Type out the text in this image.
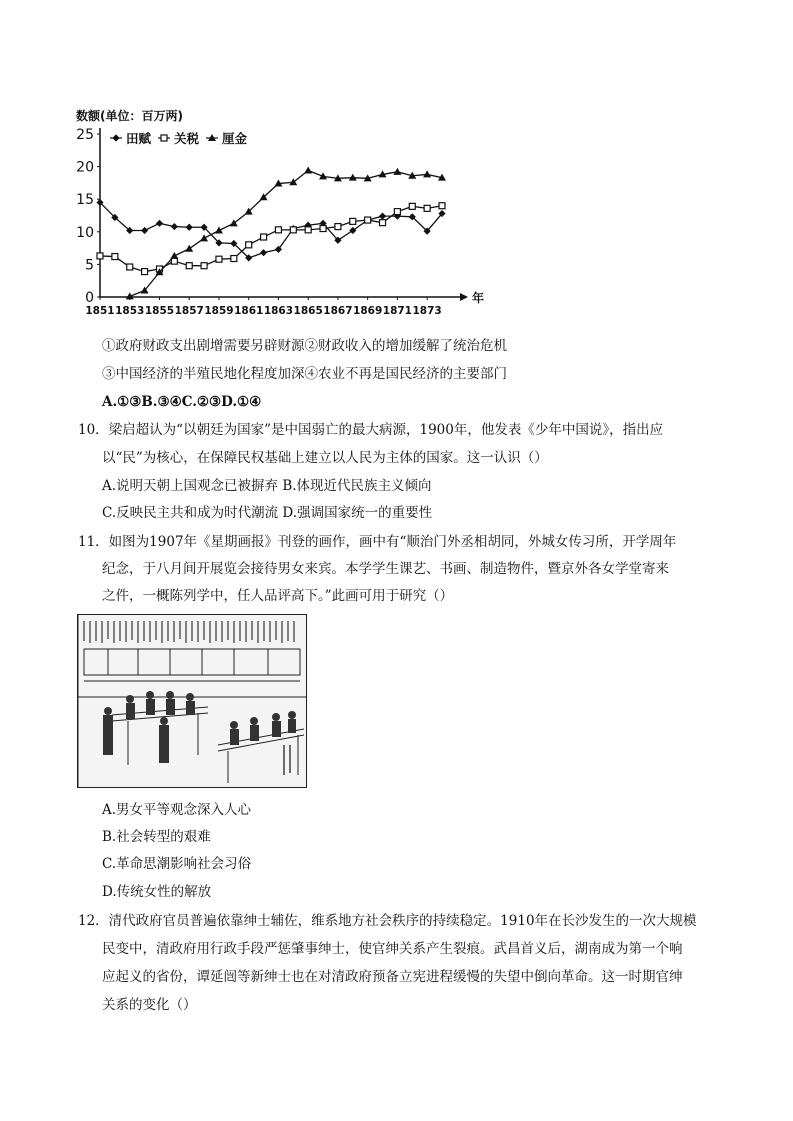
数额(单位：百万两)
年
0
5
10
15
20
25
1851 1853 1855 1857 1859 1861 1863 1865 1867 1869 1871 1873
田赋 关税 厘金
①政府财政支出剧增需要另辟财源②财政收入的增加缓解了统治危机
③中国经济的半殖民地化程度加深④农业不再是国民经济的主要部门
A.①③B.③④C.②③D.①④
10．梁启超认为“以朝廷为国家”是中国弱亡的最大病源，1900年，他发表《少年中国说》，指出应
以“民”为核心，在保障民权基础上建立以人民为主体的国家。这一认识（）
A.说明天朝上国观念已被摒弃 B.体现近代民族主义倾向
C.反映民主共和成为时代潮流 D.强调国家统一的重要性
11．如图为1907年《星期画报》刊登的画作，画中有“顺治门外丞相胡同，外城女传习所，开学周年
纪念，于八月间开展览会接待男女来宾。本学学生课艺、书画、制造物件，暨京外各女学堂寄来
之件，一概陈列学中，任人品评高下。”此画可用于研究（）
A.男女平等观念深入人心
B.社会转型的艰难
C.革命思潮影响社会习俗
D.传统女性的解放
12．清代政府官员普遍依靠绅士辅佐，维系地方社会秩序的持续稳定。1910年在长沙发生的一次大规模
民变中，清政府用行政手段严惩肇事绅士，使官绅关系产生裂痕。武昌首义后，湖南成为第一个响
应起义的省份，谭延闿等新绅士也在对清政府预备立宪进程缓慢的失望中倒向革命。这一时期官绅
关系的变化（）
